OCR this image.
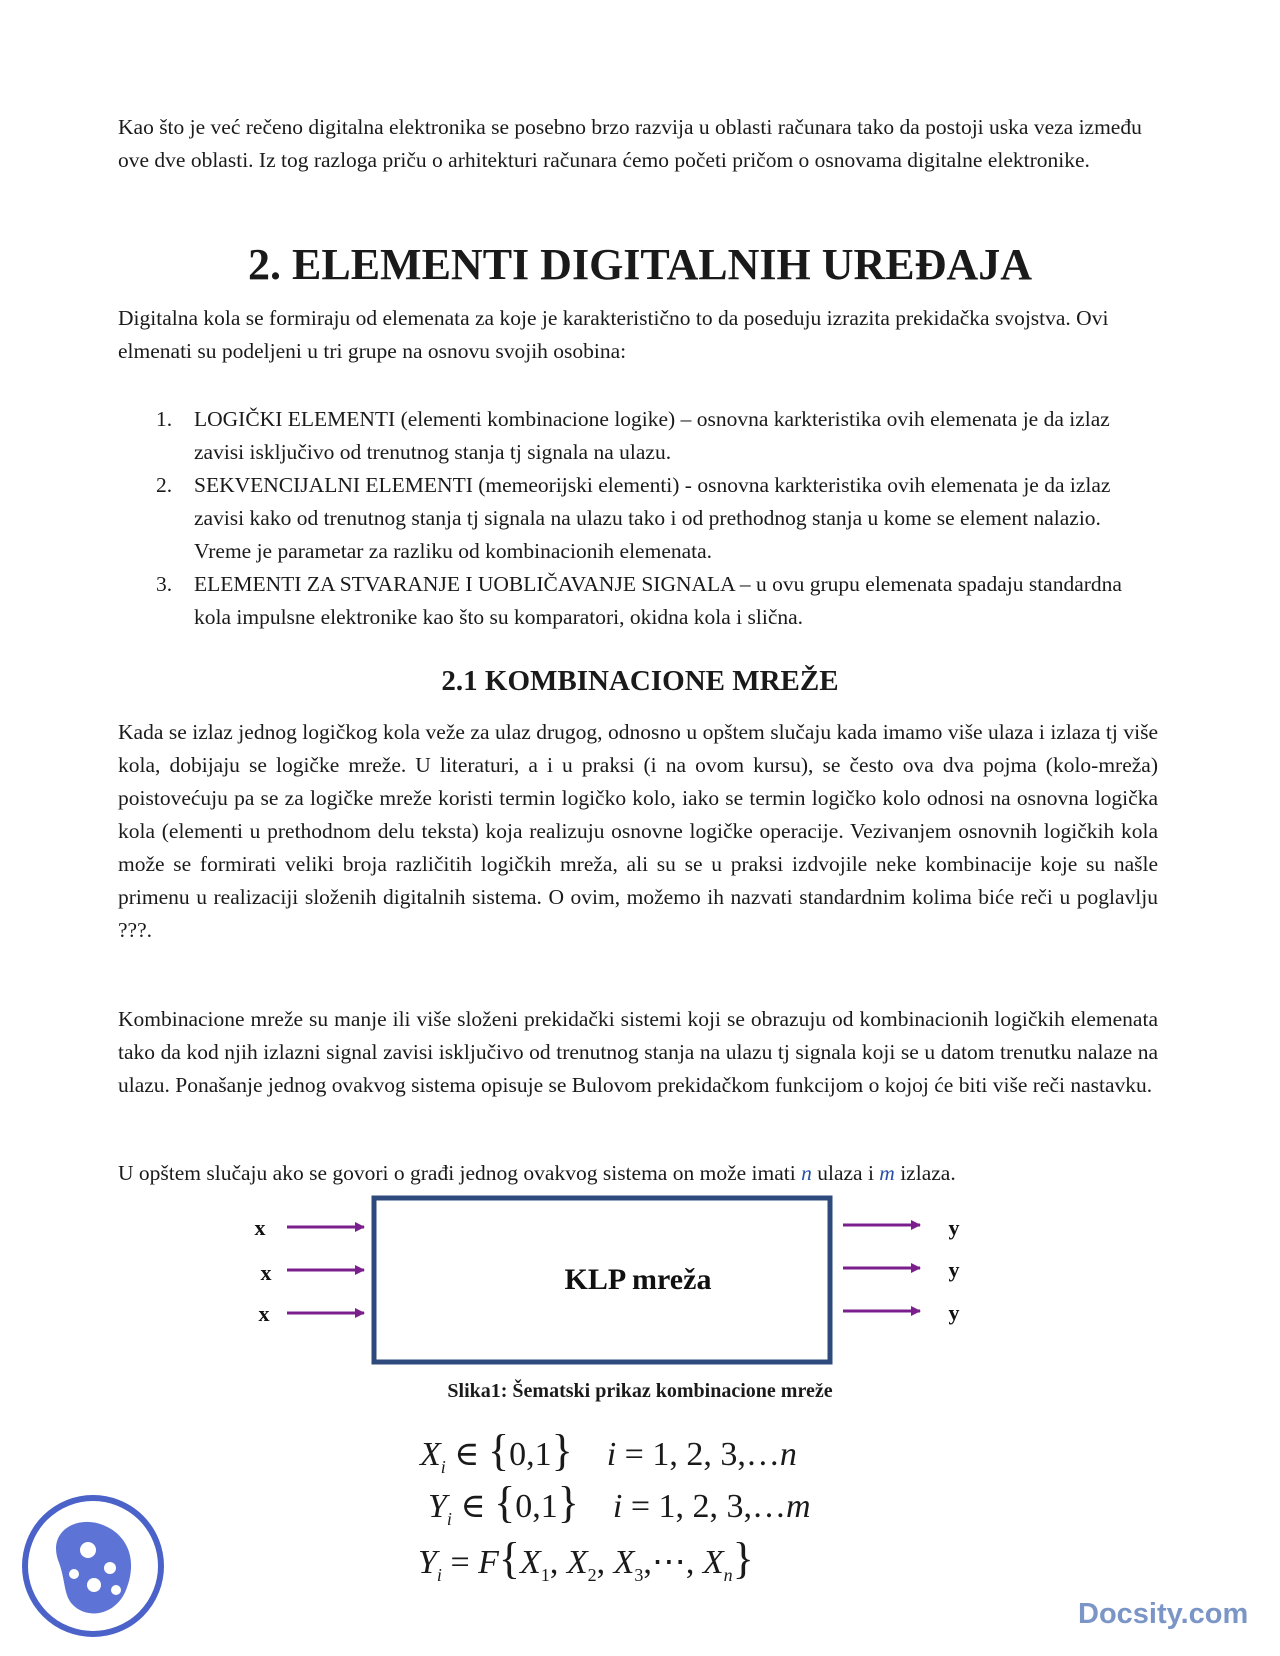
Kao što je već rečeno digitalna elektronika se posebno brzo razvija u oblasti računara tako da postoji uska veza između ove dve oblasti. Iz tog razloga priču o arhitekturi računara ćemo početi pričom o osnovama digitalne elektronike.

2. ELEMENTI DIGITALNIH UREĐAJA

Digitalna kola se formiraju od elemenata za koje je karakteristično to da poseduju izrazita prekidačka svojstva. Ovi elmenati su podeljeni u tri grupe na osnovu svojih osobina:

1. LOGIČKI ELEMENTI (elementi kombinacione logike) – osnovna karkteristika ovih elemenata je da izlaz zavisi isključivo od trenutnog stanja tj signala na ulazu.
2. SEKVENCIJALNI ELEMENTI (memeorijski elementi) - osnovna karkteristika ovih elemenata je da izlaz zavisi kako od trenutnog stanja tj signala na ulazu tako i od prethodnog stanja u kome se element nalazio. Vreme je parametar za razliku od kombinacionih elemenata.
3. ELEMENTI ZA STVARANJE I UOBLIČAVANJE SIGNALA – u ovu grupu elemenata spadaju standardna kola impulsne elektronike kao što su komparatori, okidna kola i slična.
2.1 KOMBINACIONE MREŽE

Kada se izlaz jednog logičkog kola veže za ulaz drugog, odnosno u opštem slučaju kada imamo više ulaza i izlaza tj više kola, dobijaju se logičke mreže. U literaturi, a i u praksi (i na ovom kursu), se često ova dva pojma (kolo-mreža) poistovećuju pa se za logičke mreže koristi termin logičko kolo, iako se termin logičko kolo odnosi na osnovna logička kola (elementi u prethodnom delu teksta) koja realizuju osnovne logičke operacije. Vezivanjem osnovnih logičkih kola može se formirati veliki broja različitih logičkih mreža, ali su se u praksi izdvojile neke kombinacije koje su našle primenu u realizaciji složenih digitalnih sistema. O ovim, možemo ih nazvati standardnim kolima biće reči u poglavlju ???.

Kombinacione mreže su manje ili više složeni prekidački sistemi koji se obrazuju od kombinacionih logičkih elemenata tako da kod njih izlazni signal zavisi isključivo od trenutnog stanja na ulazu tj signala koji se u datom trenutku nalaze na ulazu. Ponašanje jednog ovakvog sistema opisuje se Bulovom prekidačkom funkcijom o kojoj će biti više reči nastavku.

U opštem slučaju ako se govori o građi jednog ovakvog sistema on može imati n ulaza i m izlaza.

KLP mreža
x
x
x
y
y
y
Slika1: Šematski prikaz kombinacione mreže
$X_i$ ∈ {0,1} i = 1, 2, 3,…n
$Y_i$ ∈ {0,1} i = 1, 2, 3,…m
$Y_i = F\{X_1$, $X_2$, $X_3,\cdots$, $X_n$}
Docsity.com
